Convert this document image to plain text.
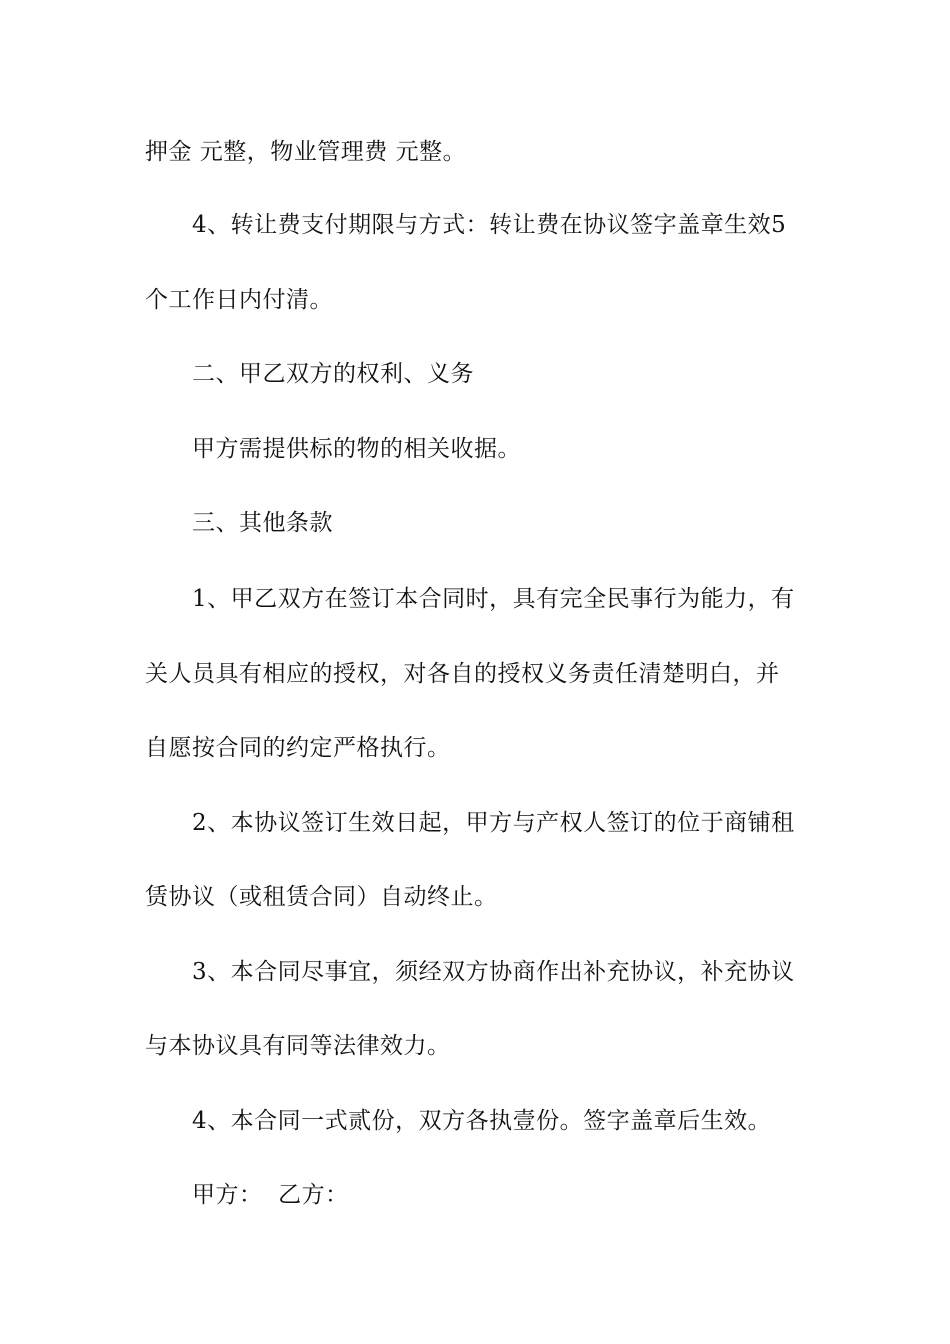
押金 元整，物业管理费 元整。
4、转让费支付期限与方式：转让费在协议签字盖章生效5
个工作日内付清。
二、甲乙双方的权利、义务
甲方需提供标的物的相关收据。
三、其他条款
1、甲乙双方在签订本合同时，具有完全民事行为能力，有
关人员具有相应的授权，对各自的授权义务责任清楚明白，并
自愿按合同的约定严格执行。
2、本协议签订生效日起，甲方与产权人签订的位于商铺租
赁协议（或租赁合同）自动终止。
3、本合同尽事宜，须经双方协商作出补充协议，补充协议
与本协议具有同等法律效力。
4、本合同一式贰份，双方各执壹份。签字盖章后生效。
甲方：  乙方：
